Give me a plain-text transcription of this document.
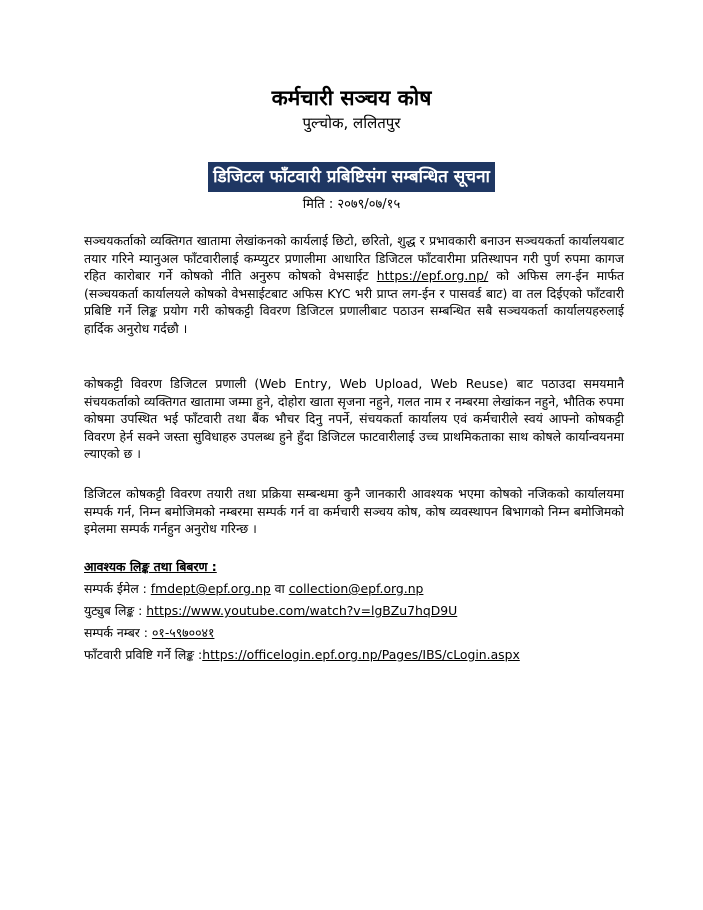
कर्मचारी सञ्चय कोष
पुल्चोक, ललितपुर
डिजिटल फाँटवारी प्रबिष्टिसंग सम्बन्धित सूचना
मिति : २०७९/०७/१५

सञ्चयकर्ताको व्यक्तिगत खातामा लेखांकनको कार्यलाई छिटो, छरितो, शुद्ध र प्रभावकारी बनाउन सञ्चयकर्ता कार्यालयबाट तयार गरिने म्यानुअल फाँटवारीलाई कम्प्युटर प्रणालीमा आधारित डिजिटल फाँटवारीमा प्रतिस्थापन गरी पुर्ण रुपमा कागज रहित कारोबार गर्ने कोषको नीति अनुरुप कोषको वेभसाईट https://epf.org.np/ को अफिस लग-ईन मार्फत (सञ्चयकर्ता कार्यालयले कोषको वेभसाईटबाट अफिस KYC भरी प्राप्त लग-ईन र पासवर्ड बाट) वा तल दिईएको फाँटवारी प्रबिष्टि गर्ने लिङ्क प्रयोग गरी कोषकट्टी विवरण डिजिटल प्रणालीबाट पठाउन सम्बन्धित सबै सञ्चयकर्ता कार्यालयहरुलाई हार्दिक अनुरोध गर्दछौ ।

कोषकट्टी विवरण डिजिटल प्रणाली (Web Entry, Web Upload, Web Reuse) बाट पठाउदा समयमानै संचयकर्ताको व्यक्तिगत खातामा जम्मा हुने, दोहोरा खाता सृजना नहुने, गलत नाम र नम्बरमा लेखांकन नहुने, भौतिक रुपमा कोषमा उपस्थित भई फाँटवारी तथा बैंक भौचर दिनु नपर्ने, संचयकर्ता कार्यालय एवं कर्मचारीले स्वयं आफ्नो कोषकट्टी विवरण हेर्न सक्ने जस्ता सुविधाहरु उपलब्ध हुने हुँदा डिजिटल फाटवारीलाई उच्च प्राथमिकताका साथ कोषले कार्यान्वयनमा ल्याएको छ ।

डिजिटल कोषकट्टी विवरण तयारी तथा प्रक्रिया सम्बन्धमा कुनै जानकारी आवश्यक भएमा कोषको नजिकको कार्यालयमा सम्पर्क गर्न, निम्न बमोजिमको नम्बरमा सम्पर्क गर्न वा कर्मचारी सञ्चय कोष, कोष व्यवस्थापन बिभागको निम्न बमोजिमको इमेलमा सम्पर्क गर्नहुन अनुरोध गरिन्छ ।

आवश्यक लिङ्क तथा बिबरण :
सम्पर्क ईमेल : fmdept@epf.org.np वा collection@epf.org.np
युट्युब लिङ्क : https://www.youtube.com/watch?v=lgBZu7hqD9U
सम्पर्क नम्बर : ०१-५९७००४१
फाँटवारी प्रविष्टि गर्ने लिङ्क :https://officelogin.epf.org.np/Pages/IBS/cLogin.aspx
